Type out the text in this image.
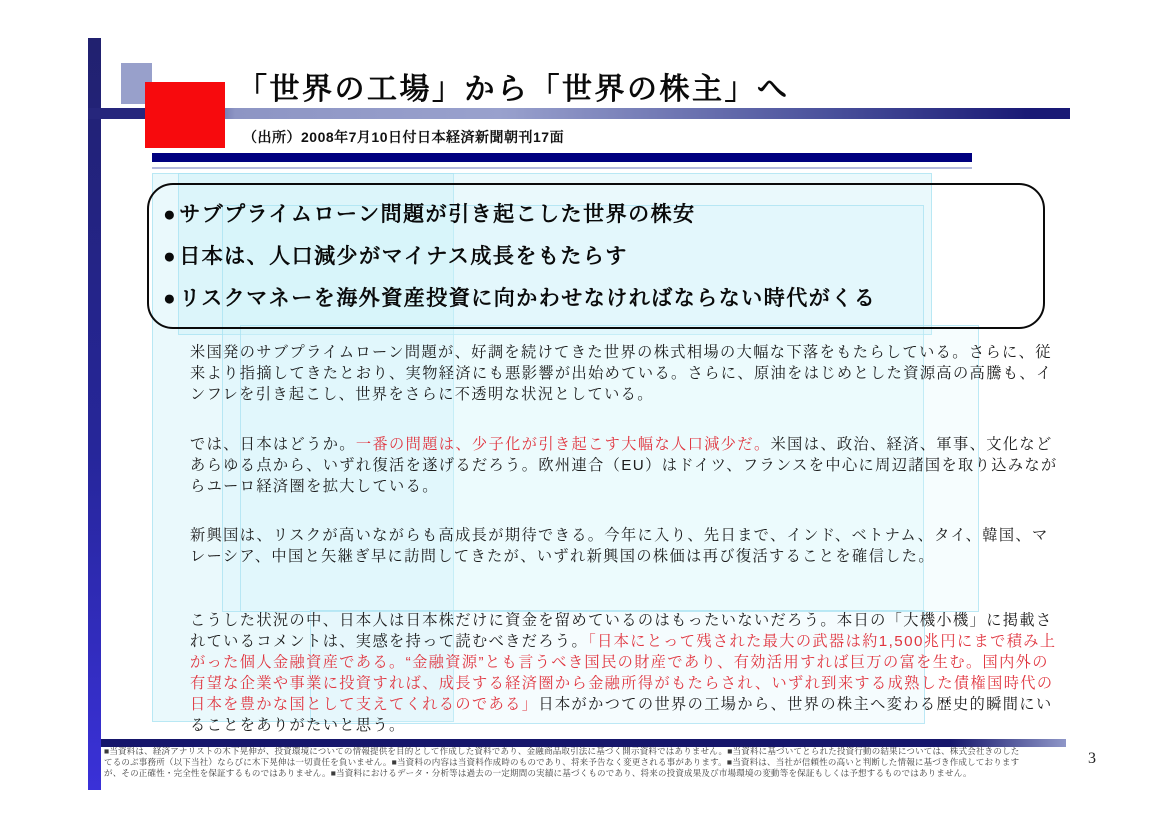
「世界の工場」から「世界の株主」へ
（出所）2008年7月10日付日本経済新聞朝刊17面
●サブプライムローン問題が引き起こした世界の株安
●日本は、人口減少がマイナス成長をもたらす
●リスクマネーを海外資産投資に向かわせなければならない時代がくる
米国発のサブプライムローン問題が、好調を続けてきた世界の株式相場の大幅な下落をもたらしている。さらに、従来より指摘してきたとおり、実物経済にも悪影響が出始めている。さらに、原油をはじめとした資源高の高騰も、インフレを引き起こし、世界をさらに不透明な状況としている。
では、日本はどうか。一番の問題は、少子化が引き起こす大幅な人口減少だ。米国は、政治、経済、軍事、文化などあらゆる点から、いずれ復活を遂げるだろう。欧州連合（EU）はドイツ、フランスを中心に周辺諸国を取り込みながらユーロ経済圏を拡大している。
新興国は、リスクが高いながらも高成長が期待できる。今年に入り、先日まで、インド、ベトナム、タイ、韓国、マレーシア、中国と矢継ぎ早に訪問してきたが、いずれ新興国の株価は再び復活することを確信した。
こうした状況の中、日本人は日本株だけに資金を留めているのはもったいないだろう。本日の「大機小機」に掲載されているコメントは、実感を持って読むべきだろう。「日本にとって残された最大の武器は約1,500兆円にまで積み上がった個人金融資産である。“金融資源”とも言うべき国民の財産であり、有効活用すれば巨万の富を生む。国内外の有望な企業や事業に投資すれば、成長する経済圏から金融所得がもたらされ、いずれ到来する成熟した債権国時代の日本を豊かな国として支えてくれるのである」日本がかつての世界の工場から、世界の株主へ変わる歴史的瞬間にいることをありがたいと思う。
■当資料は、経済アナリストの木下晃伸が、投資環境についての情報提供を目的として作成した資料であり、金融商品取引法に基づく開示資料ではありません。■当資料に基づいてとられた投資行動の結果については、株式会社きのした
てるのぶ事務所（以下当社）ならびに木下晃伸は一切責任を負いません。■当資料の内容は当資料作成時のものであり、将来予告なく変更される事があります。■当資料は、当社が信頼性の高いと判断した情報に基づき作成しております
が、その正確性・完全性を保証するものではありません。■当資料におけるデータ・分析等は過去の一定期間の実績に基づくものであり、将来の投資成果及び市場環境の変動等を保証もしくは予想するものではありません。
3
